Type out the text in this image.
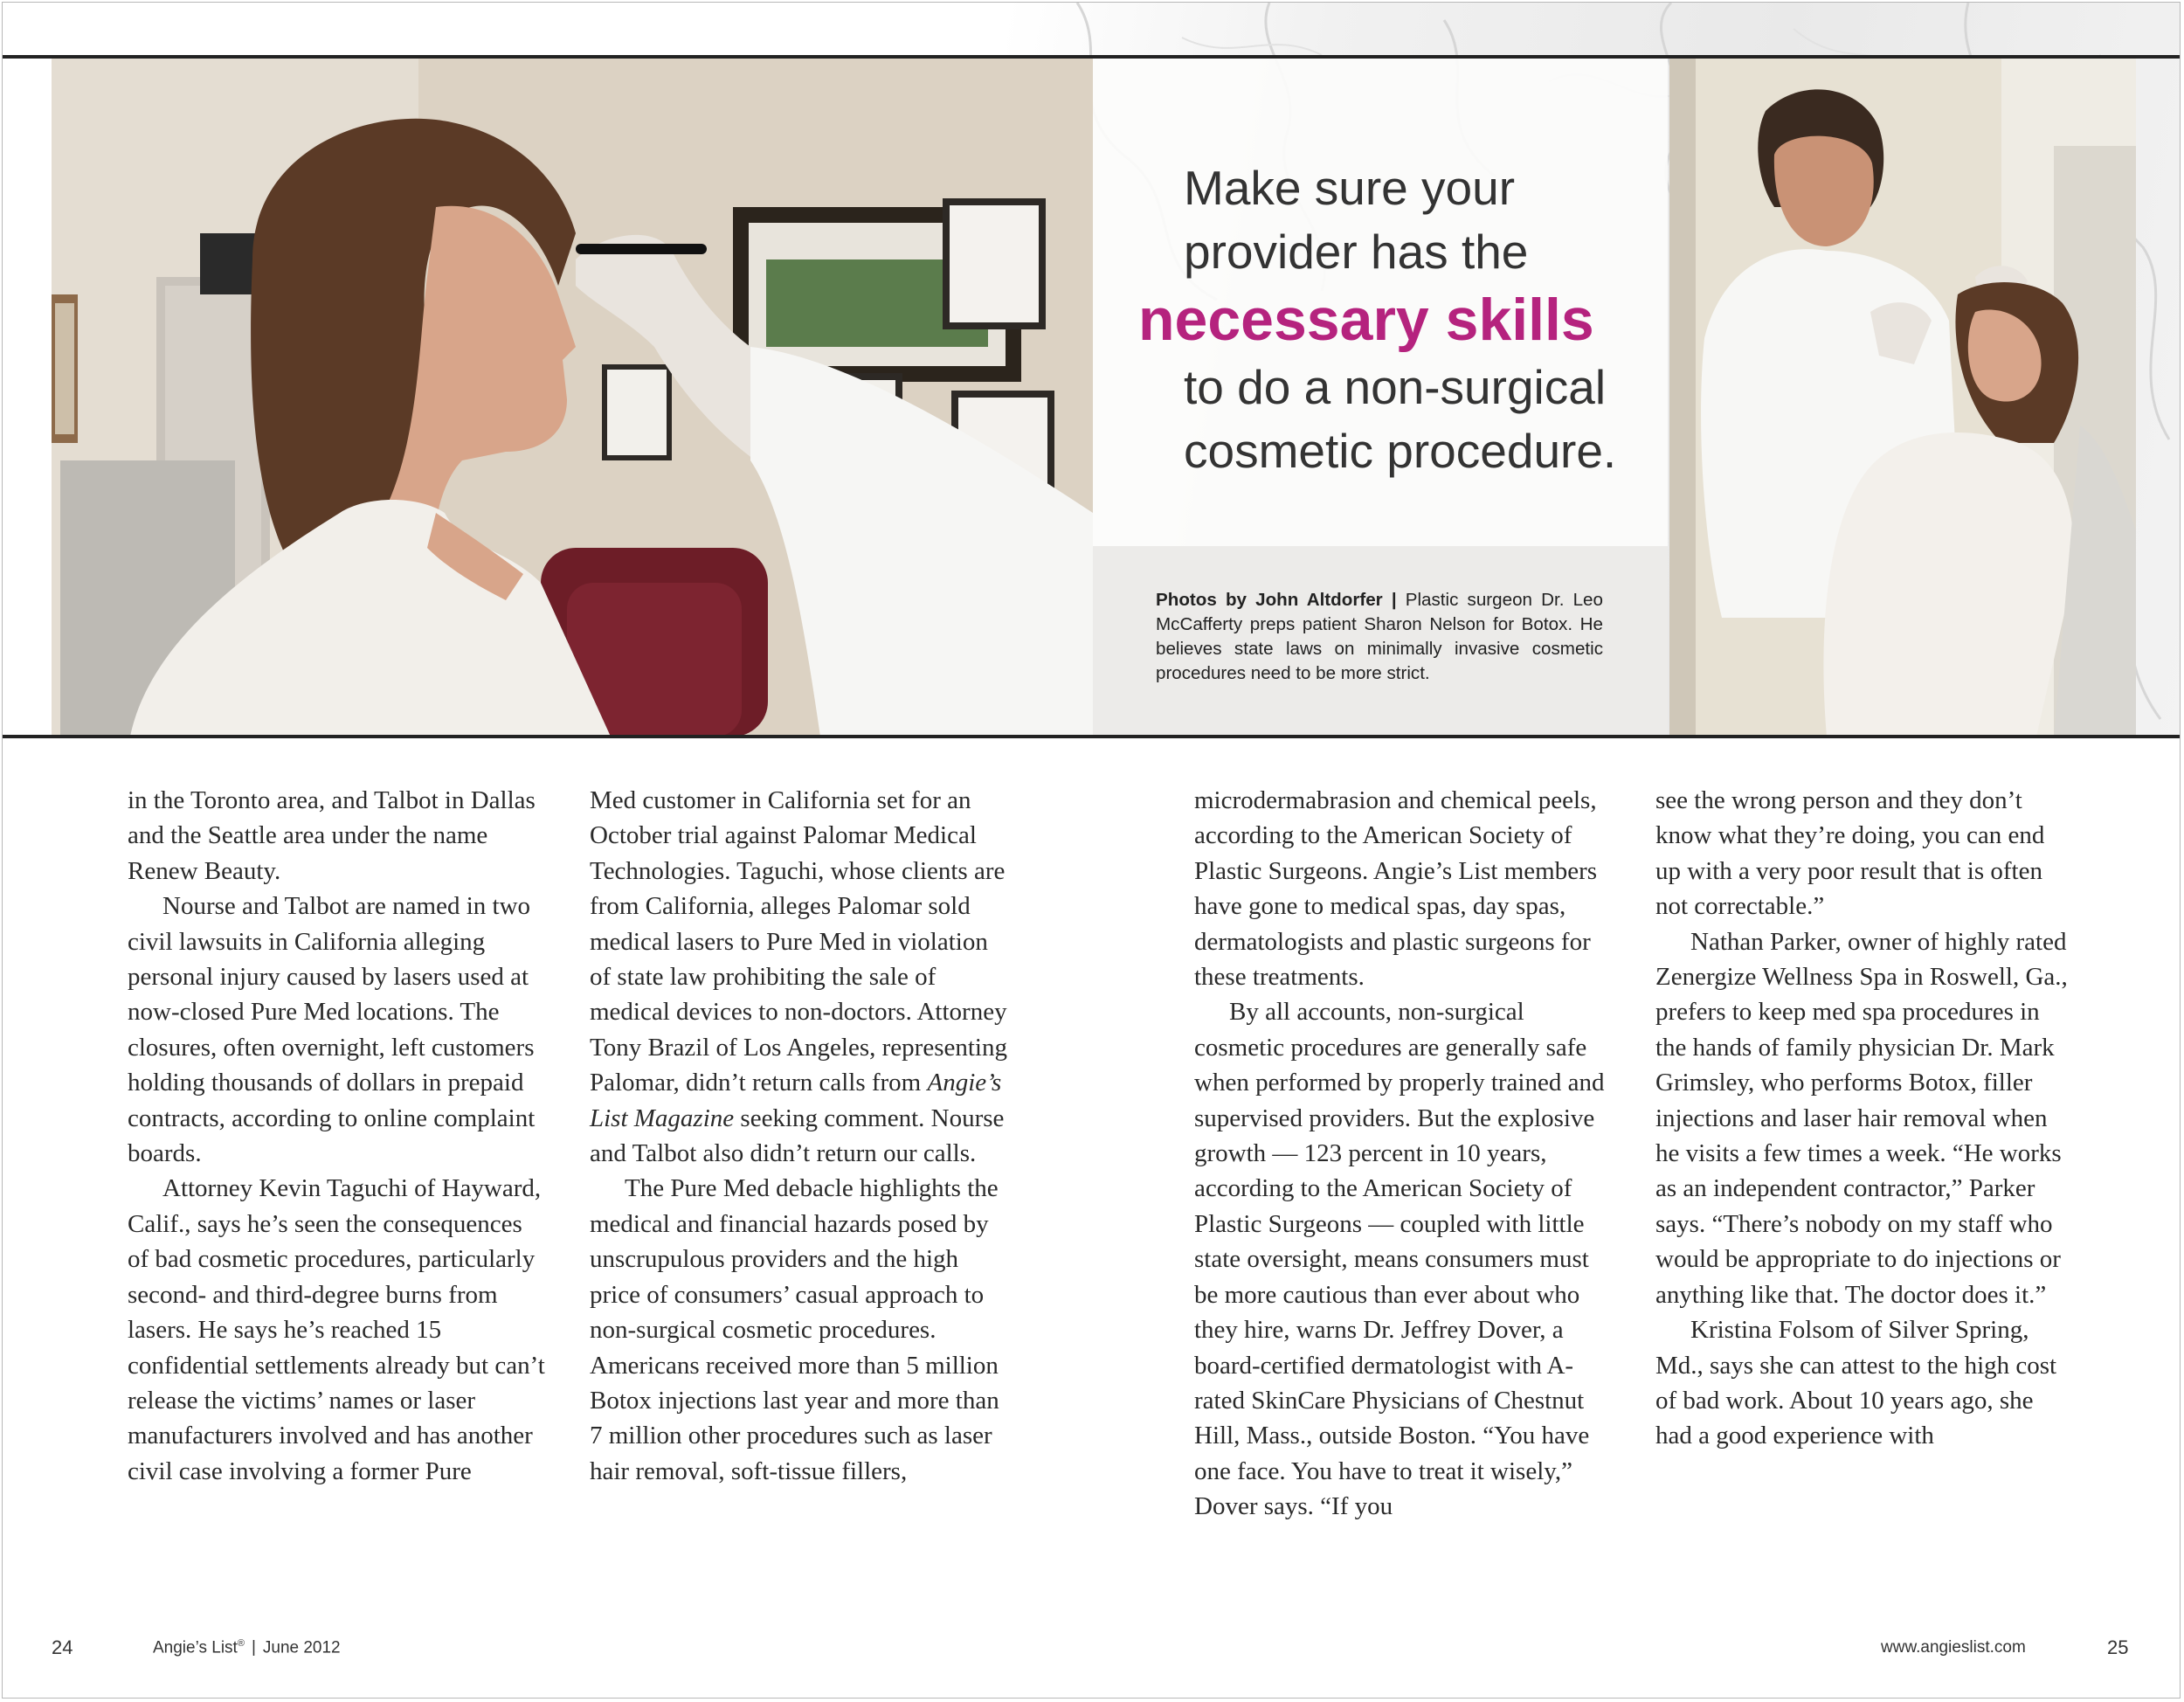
Make sure your
provider has the
necessary skills
to do a non-surgical
cosmetic procedure.
Photos by John Altdorfer | Plastic surgeon Dr. Leo McCafferty preps patient Sharon Nelson for Botox. He believes state laws on minimally invasive cosmetic procedures need to be more strict.

in the Toronto area, and Talbot in Dallas and the Seattle area under the name Renew Beauty.

Nourse and Talbot are named in two civil lawsuits in California alleging personal injury caused by lasers used at now-closed Pure Med locations. The closures, often overnight, left customers holding thousands of dollars in prepaid contracts, according to online complaint boards.

Attorney Kevin Taguchi of Hayward, Calif., says he’s seen the consequences of bad cosmetic procedures, particularly second- and third-degree burns from lasers. He says he’s reached 15 confidential settlements already but can’t release the victims’ names or laser manufacturers involved and has another civil case involving a former Pure

Med customer in California set for an October trial against Palomar Medical Technologies. Taguchi, whose clients are from California, alleges Palomar sold medical lasers to Pure Med in violation of state law prohibiting the sale of medical devices to non-doctors. Attorney Tony Brazil of Los Angeles, representing Palomar, didn’t return calls from Angie’s List Magazine seeking comment. Nourse and Talbot also didn’t return our calls.

The Pure Med debacle highlights the medical and financial hazards posed by unscrupulous providers and the high price of consumers’ casual approach to non-surgical cosmetic procedures. Americans received more than 5 million Botox injections last year and more than 7 million other procedures such as laser hair removal, soft-tissue fillers,

microdermabrasion and chemical peels, according to the American Society of Plastic Surgeons. Angie’s List members have gone to medical spas, day spas, dermatologists and plastic surgeons for these treatments.

By all accounts, non-surgical cosmetic procedures are generally safe when performed by properly trained and supervised providers. But the explosive growth — 123 percent in 10 years, according to the American Society of Plastic Surgeons — coupled with little state oversight, means consumers must be more cautious than ever about who they hire, warns Dr. Jeffrey Dover, a board-certified dermatologist with A-rated SkinCare Physicians of Chestnut Hill, Mass., outside Boston. “You have one face. You have to treat it wisely,” Dover says. “If you

see the wrong person and they don’t know what they’re doing, you can end up with a very poor result that is often not correctable.”

Nathan Parker, owner of highly rated Zenergize Wellness Spa in Roswell, Ga., prefers to keep med spa procedures in the hands of family physician Dr. Mark Grimsley, who performs Botox, filler injections and laser hair removal when he visits a few times a week. “He works as an independent contractor,” Parker says. “There’s nobody on my staff who would be appropriate to do injections or anything like that. The doctor does it.”

Kristina Folsom of Silver Spring, Md., says she can attest to the high cost of bad work. About 10 years ago, she had a good experience with

24	Angie’s List® | June 2012	www.angieslist.com	25
